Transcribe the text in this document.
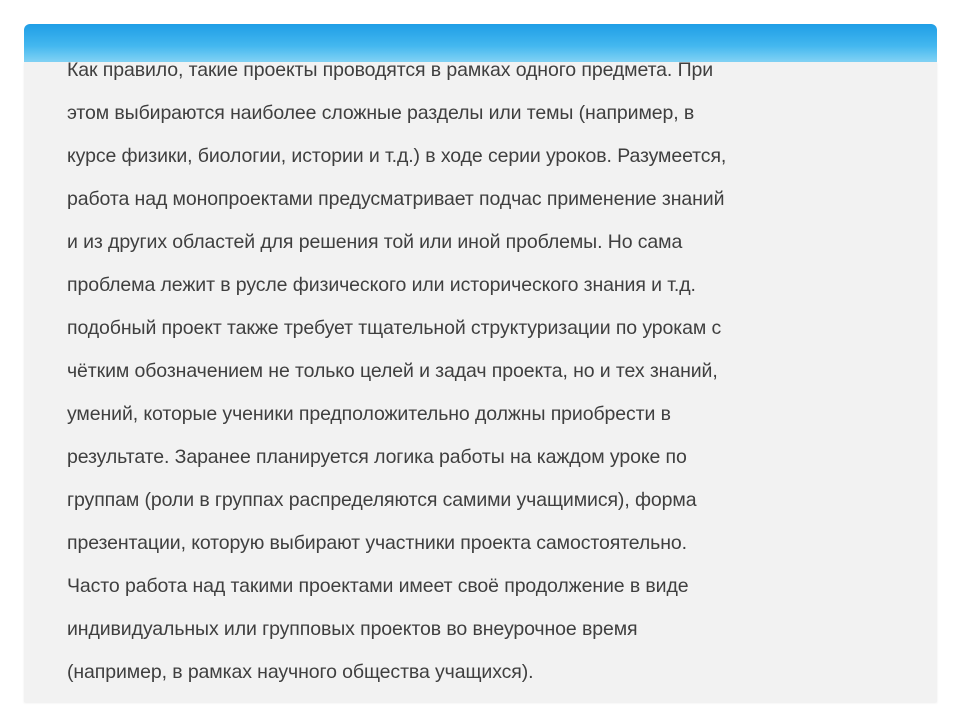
Как правило, такие проекты проводятся в рамках одного предмета. При
этом выбираются наиболее сложные разделы или темы (например, в
курсе физики, биологии, истории и т.д.) в ходе серии уроков. Разумеется,
работа над монопроектами предусматривает подчас применение знаний
и из других областей для решения той или иной проблемы. Но сама
проблема лежит в русле физического или исторического знания и т.д.
подобный проект также требует тщательной структуризации по урокам с
чётким обозначением не только целей и задач проекта, но и тех знаний,
умений, которые ученики предположительно должны приобрести в
результате. Заранее планируется логика работы на каждом уроке по
группам (роли в группах распределяются самими учащимися), форма
презентации, которую выбирают участники проекта самостоятельно.
Часто работа над такими проектами имеет своё продолжение в виде
индивидуальных или групповых проектов во внеурочное время
(например, в рамках научного общества учащихся).
